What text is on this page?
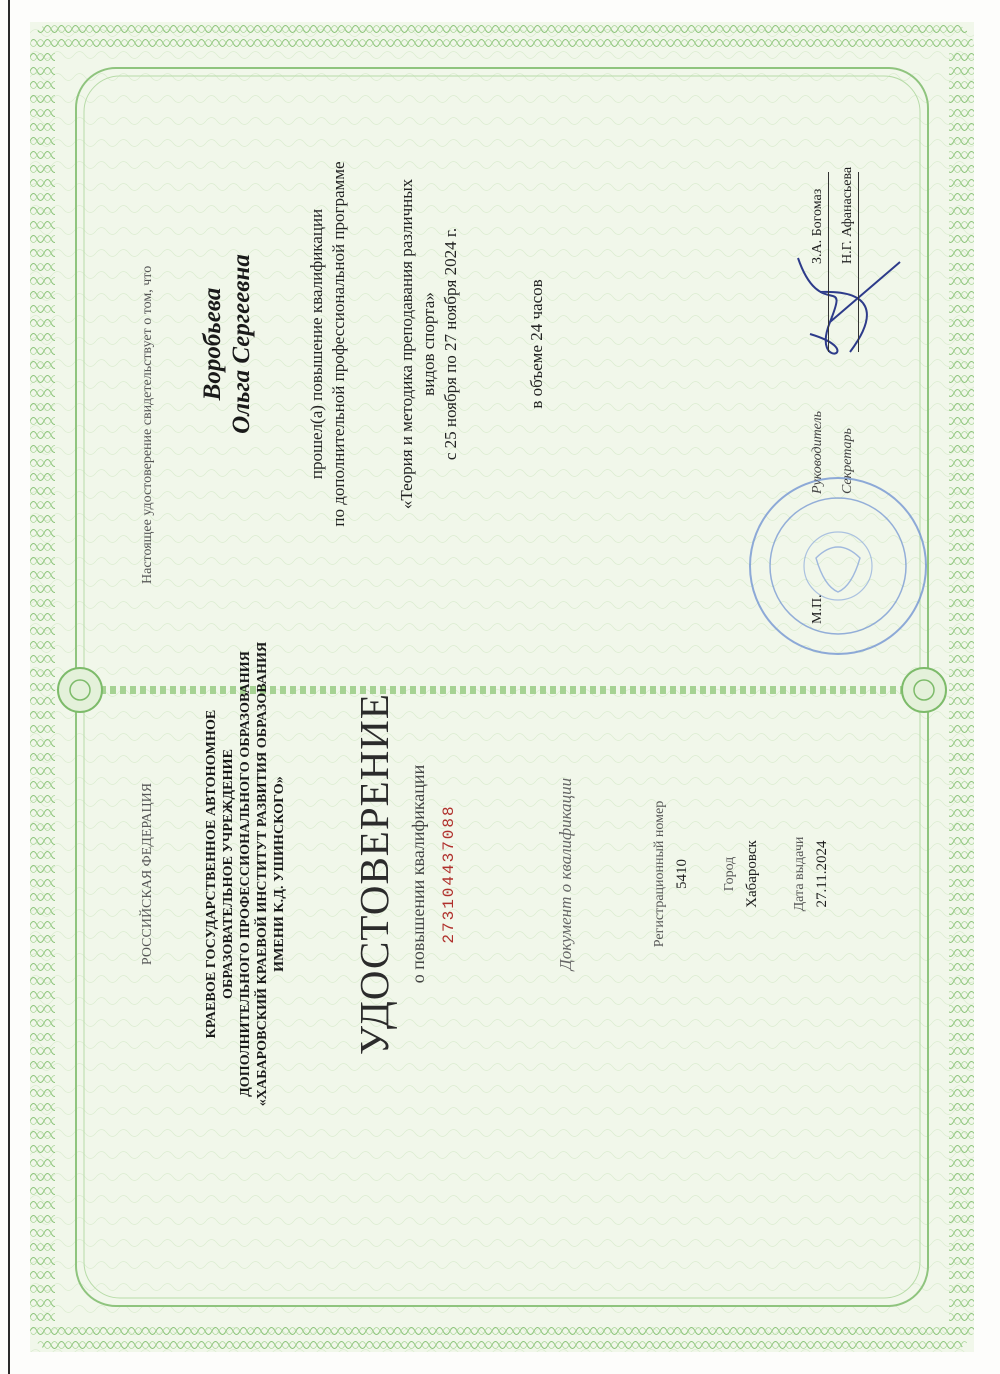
РОССИЙСКАЯ ФЕДЕРАЦИЯ	КРАЕВОЕ ГОСУДАРСТВЕННОЕ АВТОНОМНОЕ ОБРАЗОВАТЕЛЬНОЕ УЧРЕЖДЕНИЕ ДОПОЛНИТЕЛЬНОГО ПРОФЕССИОНАЛЬНОГО ОБРАЗОВАНИЯ «ХАБАРОВСКИЙ КРАЕВОЙ ИНСТИТУТ РАЗВИТИЯ ОБРАЗОВАНИЯ ИМЕНИ К.Д. УШИНСКОГО» УДОСТОВЕРЕНИЕ о повышении квалификации 273104437088	Документ о квалификации	Регистрационный номер 5410 Город Хабаровск Дата выдачи 27.11.2024
Настоящее удостоверение свидетельствует о том, что Воробьева Ольга Сергеевна	прошел(а) повышение квалификации по дополнительной профессиональной программе	«Теория и методика преподавания различных видов спорта» с 25 ноября по 27 ноября 2024 г.	в объеме 24 часов
М.П.
Руководитель
З.А. Богомаз
Секретарь
Н.Г. Афанасьева
